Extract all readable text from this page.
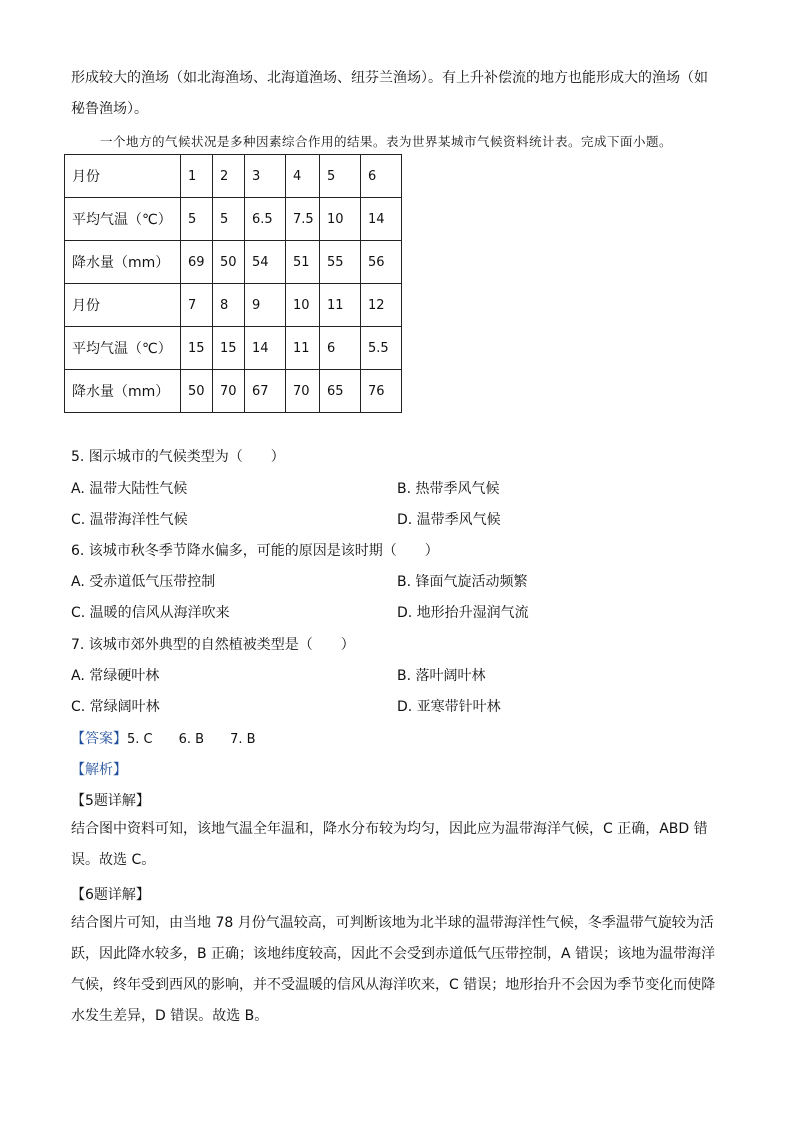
形成较大的渔场（如北海渔场、北海道渔场、纽芬兰渔场）。有上升补偿流的地方也能形成大的渔场（如
秘鲁渔场）。
一个地方的气候状况是多种因素综合作用的结果。表为世界某城市气候资料统计表。完成下面小题。
月份	1	2	3	4	5	6
平均气温（℃）	5	5	6.5	7.5	10	14
降水量（mm）	69	50	54	51	55	56
月份	7	8	9	10	11	12
平均气温（℃）	15	15	14	11	6	5.5
降水量（mm）	50	70	67	70	65	76
5. 图示城市的气候类型为（　　）
A. 温带大陆性气候	B. 热带季风气候
C. 温带海洋性气候	D. 温带季风气候
6. 该城市秋冬季节降水偏多，可能的原因是该时期（　　）
A. 受赤道低气压带控制	B. 锋面气旋活动频繁
C. 温暖的信风从海洋吹来	D. 地形抬升湿润气流
7. 该城市郊外典型的自然植被类型是（　　）
A. 常绿硬叶林	B. 落叶阔叶林
C. 常绿阔叶林	D. 亚寒带针叶林
【答案】5. C 6. B 7. B
【解析】
【5题详解】
结合图中资料可知，该地气温全年温和，降水分布较为均匀，因此应为温带海洋气候，C 正确，ABD 错
误。故选 C。
【6题详解】
结合图片可知，由当地 78 月份气温较高，可判断该地为北半球的温带海洋性气候，冬季温带气旋较为活
跃，因此降水较多，B 正确；该地纬度较高，因此不会受到赤道低气压带控制，A 错误；该地为温带海洋
气候，终年受到西风的影响，并不受温暖的信风从海洋吹来，C 错误；地形抬升不会因为季节变化而使降
水发生差异，D 错误。故选 B。
